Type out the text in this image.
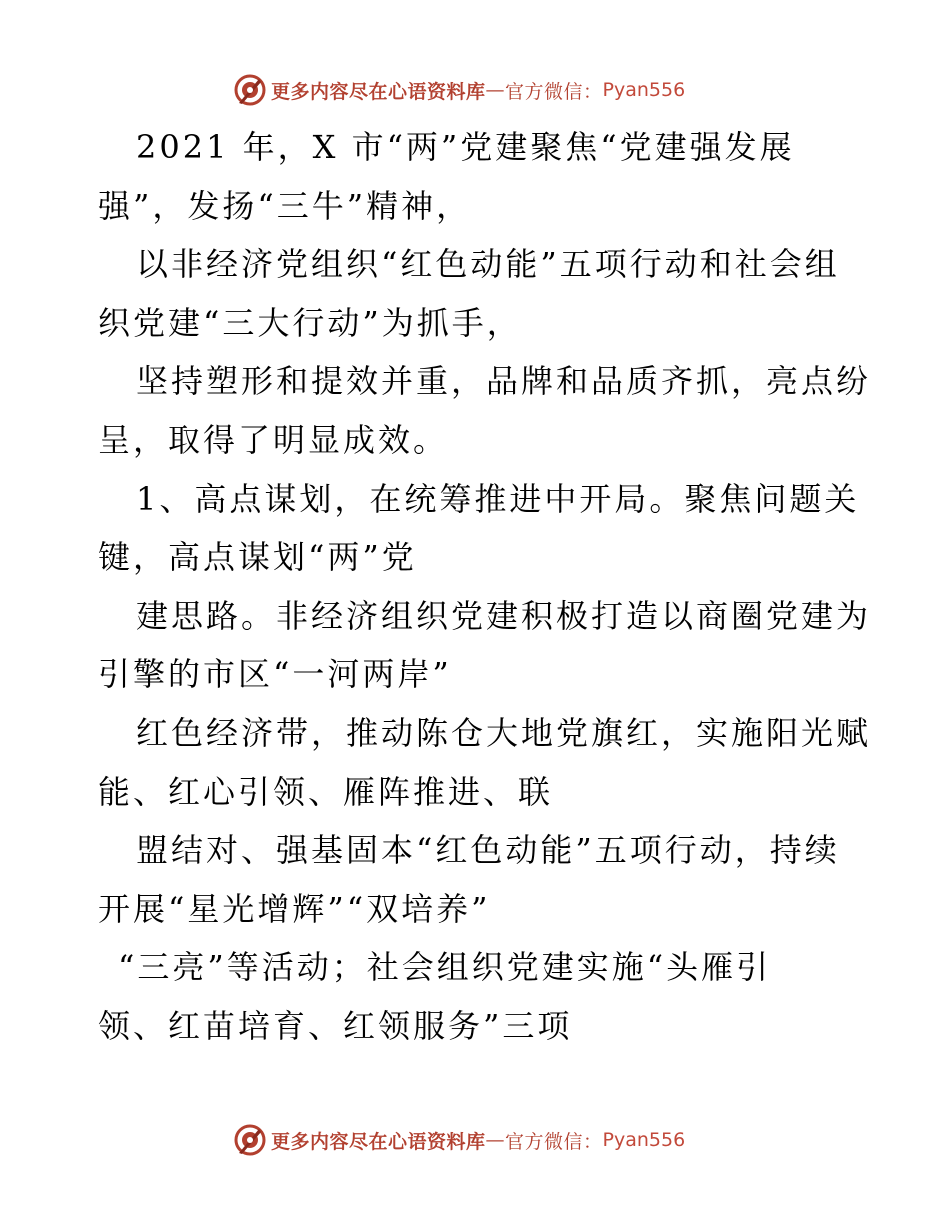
更多内容尽在心语资料库 — 官方微信： Pyan556
2021 年，X 市“两”党建聚焦“党建强发展
强”，发扬“三牛”精神，
以非经济党组织“红色动能”五项行动和社会组
织党建“三大行动”为抓手，
坚持塑形和提效并重，品牌和品质齐抓，亮点纷
呈，取得了明显成效。
1、高点谋划，在统筹推进中开局。聚焦问题关
键，高点谋划“两”党
建思路。非经济组织党建积极打造以商圈党建为
引擎的市区“一河两岸”
红色经济带，推动陈仓大地党旗红，实施阳光赋
能、红心引领、雁阵推进、联
盟结对、强基固本“红色动能”五项行动，持续
开展“星光增辉”“双培养”
“三亮”等活动；社会组织党建实施“头雁引
领、红苗培育、红领服务”三项
更多内容尽在心语资料库 — 官方微信： Pyan556
